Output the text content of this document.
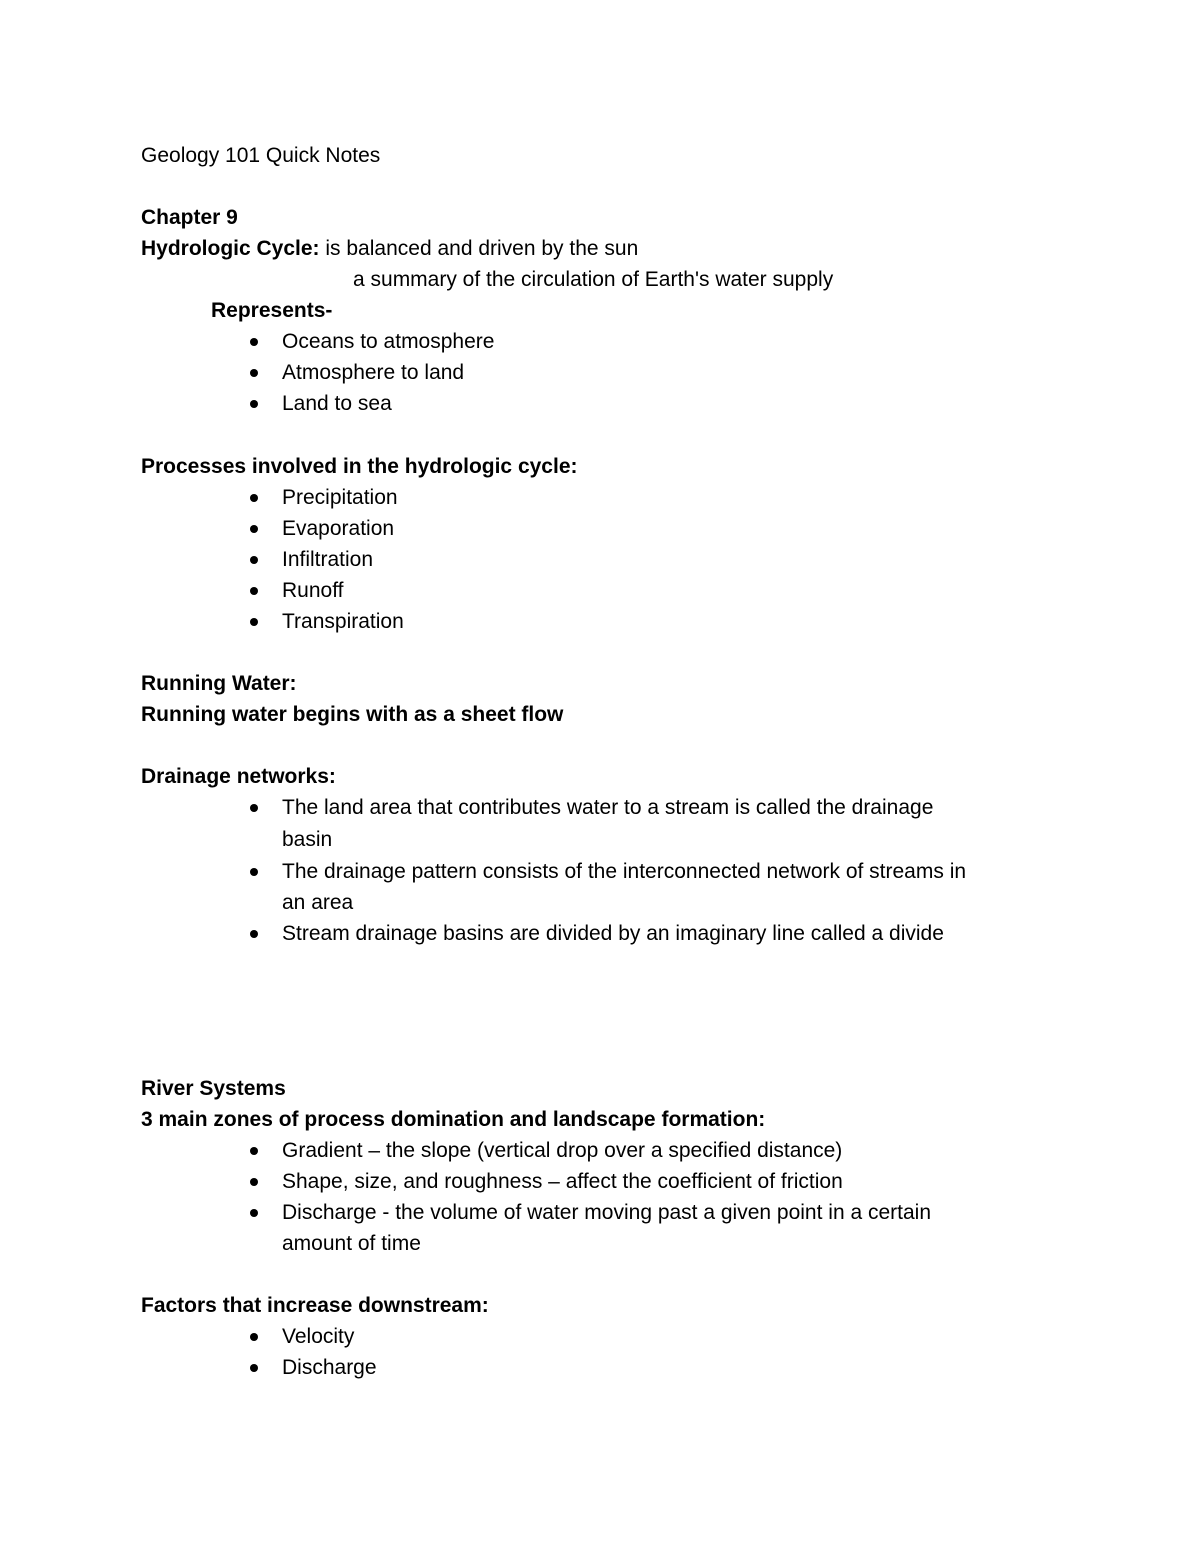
Geology 101 Quick Notes
Chapter 9
Hydrologic Cycle: is balanced and driven by the sun
a summary of the circulation of Earth's water supply
Represents-
Oceans to atmosphere
Atmosphere to land
Land to sea
Processes involved in the hydrologic cycle:
Precipitation
Evaporation
Infiltration
Runoff
Transpiration
Running Water:
Running water begins with as a sheet flow
Drainage networks:
The land area that contributes water to a stream is called the drainage
basin
The drainage pattern consists of the interconnected network of streams in
an area
Stream drainage basins are divided by an imaginary line called a divide
River Systems
3 main zones of process domination and landscape formation:
Gradient – the slope (vertical drop over a specified distance)
Shape, size, and roughness – affect the coefficient of friction
Discharge - the volume of water moving past a given point in a certain
amount of time
Factors that increase downstream:
Velocity
Discharge
